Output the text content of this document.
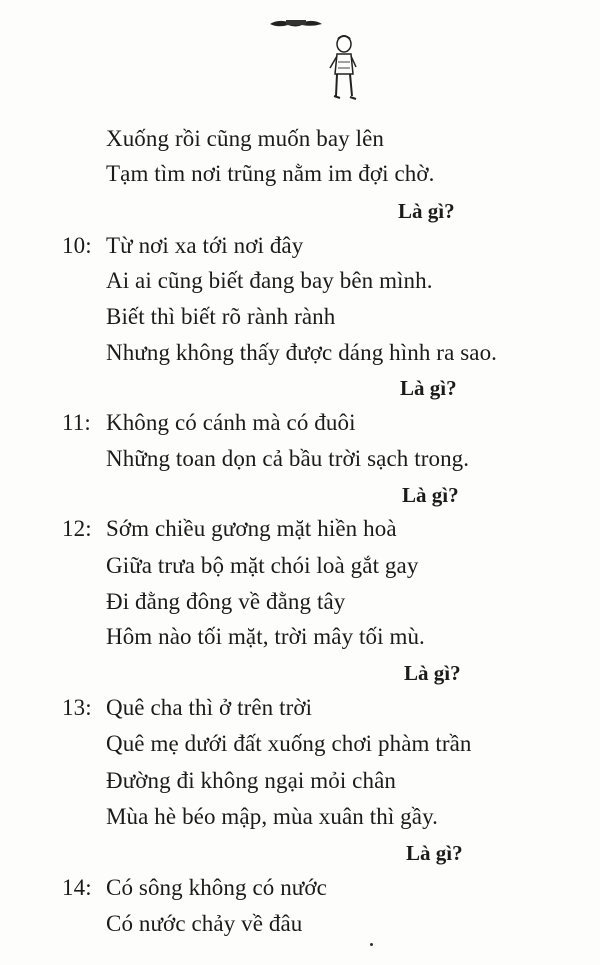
Xuống rồi cũng muốn bay lên
Tạm tìm nơi trũng nằm im đợi chờ.
Là gì?
10: Từ nơi xa tới nơi đây
Ai ai cũng biết đang bay bên mình.
Biết thì biết rõ rành rành
Nhưng không thấy được dáng hình ra sao.
Là gì?
11: Không có cánh mà có đuôi
Những toan dọn cả bầu trời sạch trong.
Là gì?
12: Sớm chiều gương mặt hiền hoà
Giữa trưa bộ mặt chói loà gắt gay
Đi đằng đông về đằng tây
Hôm nào tối mặt, trời mây tối mù.
Là gì?
13: Quê cha thì ở trên trời
Quê mẹ dưới đất xuống chơi phàm trần
Đường đi không ngại mỏi chân
Mùa hè béo mập, mùa xuân thì gầy.
Là gì?
14: Có sông không có nước
Có nước chảy về đâu
